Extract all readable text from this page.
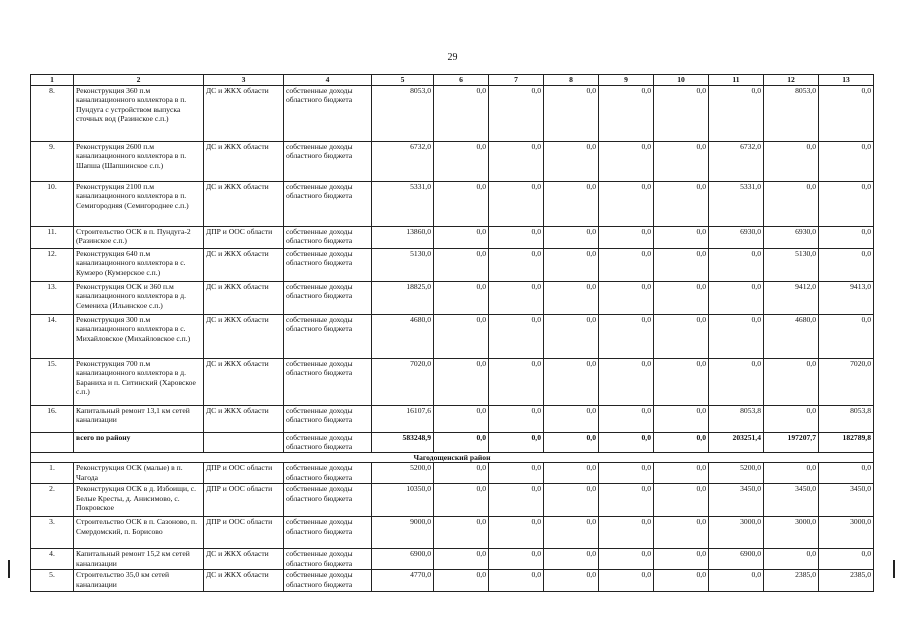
29
1	2	3	4	5	6	7	8	9	10	11	12	13
8.	Реконструкция 360 п.м канализационного коллектора в п. Пундуга с устройством выпуска сточных вод (Разинское с.п.)	ДС и ЖКХ области	собственные доходы областного бюджета	8053,0	0,0	0,0	0,0	0,0	0,0	0,0	8053,0	0,0
9.	Реконструкция 2600 п.м канализационного коллектора в п. Шапша (Шапшинское с.п.)	ДС и ЖКХ области	собственные доходы областного бюджета	6732,0	0,0	0,0	0,0	0,0	0,0	6732,0	0,0	0,0
10.	Реконструкция 2100 п.м канализационного коллектора в п. Семигородняя (Семигороднее с.п.)	ДС и ЖКХ области	собственные доходы областного бюджета	5331,0	0,0	0,0	0,0	0,0	0,0	5331,0	0,0	0,0
11.	Строительство ОСК в п. Пундуга-2 (Разинское с.п.)	ДПР и ООС области	собственные доходы областного бюджета	13860,0	0,0	0,0	0,0	0,0	0,0	6930,0	6930,0	0,0
12.	Реконструкция 640 п.м канализационного коллектора в с. Кумзеро (Кумзерское с.п.)	ДС и ЖКХ области	собственные доходы областного бюджета	5130,0	0,0	0,0	0,0	0,0	0,0	0,0	5130,0	0,0
13.	Реконструкция ОСК и 360 п.м канализационного коллектора в д. Семениха (Ильинское с.п.)	ДС и ЖКХ области	собственные доходы областного бюджета	18825,0	0,0	0,0	0,0	0,0	0,0	0,0	9412,0	9413,0
14.	Реконструкция 300 п.м канализационного коллектора в с. Михайловское (Михайловское с.п.)	ДС и ЖКХ области	собственные доходы областного бюджета	4680,0	0,0	0,0	0,0	0,0	0,0	0,0	4680,0	0,0
15.	Реконструкция 700 п.м канализационного коллектора в д. Бараниха и п. Ситинский (Харовское с.п.)	ДС и ЖКХ области	собственные доходы областного бюджета	7020,0	0,0	0,0	0,0	0,0	0,0	0,0	0,0	7020,0
16.	Капитальный ремонт 13,1 км сетей канализации	ДС и ЖКХ области	собственные доходы областного бюджета	16107,6	0,0	0,0	0,0	0,0	0,0	8053,8	0,0	8053,8
	всего по району		собственные доходы областного бюджета	583248,9	0,0	0,0	0,0	0,0	0,0	203251,4	197207,7	182789,8
Чагодощенский район												
1.	Реконструкция ОСК (малые) в п. Чагода	ДПР и ООС области	собственные доходы областного бюджета	5200,0	0,0	0,0	0,0	0,0	0,0	5200,0	0,0	0,0
2.	Реконструкция ОСК в д. Избоищи, с. Белые Кресты, д. Анисимово, с. Покровское	ДПР и ООС области	собственные доходы областного бюджета	10350,0	0,0	0,0	0,0	0,0	0,0	3450,0	3450,0	3450,0
3.	Строительство ОСК в п. Сазоново, п. Смердомский, п. Борисово	ДПР и ООС области	собственные доходы областного бюджета	9000,0	0,0	0,0	0,0	0,0	0,0	3000,0	3000,0	3000,0
4.	Капитальный ремонт 15,2 км сетей канализации	ДС и ЖКХ области	собственные доходы областного бюджета	6900,0	0,0	0,0	0,0	0,0	0,0	6900,0	0,0	0,0
5.	Строительство 35,0 км сетей канализации	ДС и ЖКХ области	собственные доходы областного бюджета	4770,0	0,0	0,0	0,0	0,0	0,0	0,0	2385,0	2385,0
